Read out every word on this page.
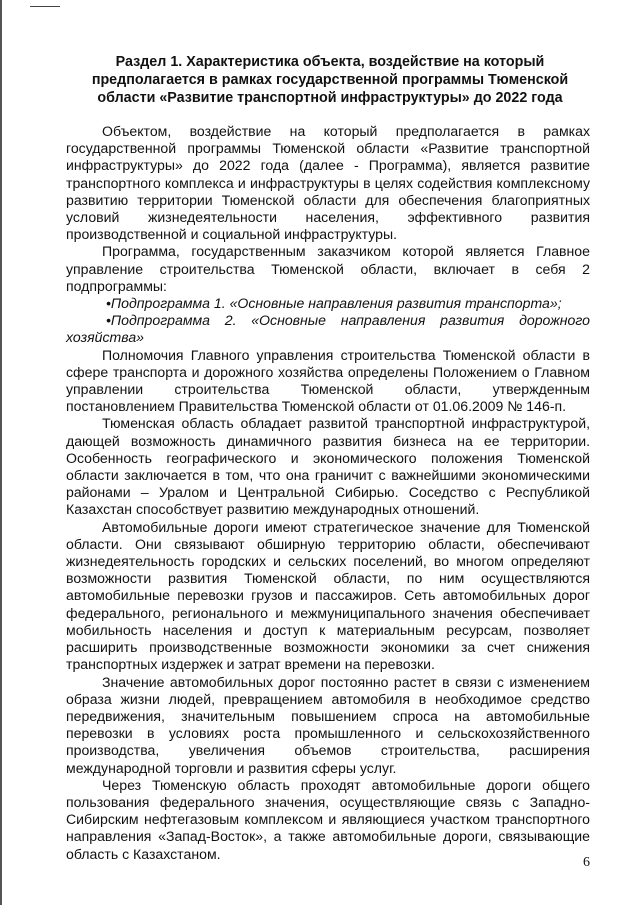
Раздел 1. Характеристика объекта, воздействие на который предполагается в рамках государственной программы Тюменской области «Развитие транспортной инфраструктуры» до 2022 года

Объектом, воздействие на который предполагается в рамках государственной программы Тюменской области «Развитие транспортной инфраструктуры» до 2022 года (далее - Программа), является развитие транспортного комплекса и инфраструктуры в целях содействия комплексному развитию территории Тюменской области для обеспечения благоприятных условий жизнедеятельности населения, эффективного развития производственной и социальной инфраструктуры.

Программа, государственным заказчиком которой является Главное управление строительства Тюменской области, включает в себя 2 подпрограммы:

•Подпрограмма 1. «Основные направления развития транспорта»;

•Подпрограмма 2. «Основные направления развития дорожного хозяйства»

Полномочия Главного управления строительства Тюменской области в сфере транспорта и дорожного хозяйства определены Положением о Главном управлении строительства Тюменской области, утвержденным постановлением Правительства Тюменской области от 01.06.2009 № 146-п.

Тюменская область обладает развитой транспортной инфраструктурой, дающей возможность динамичного развития бизнеса на ее территории. Особенность географического и экономического положения Тюменской области заключается в том, что она граничит с важнейшими экономическими районами – Уралом и Центральной Сибирью. Соседство с Республикой Казахстан способствует развитию международных отношений.

Автомобильные дороги имеют стратегическое значение для Тюменской области. Они связывают обширную территорию области, обеспечивают жизнедеятельность городских и сельских поселений, во многом определяют возможности развития Тюменской области, по ним осуществляются автомобильные перевозки грузов и пассажиров. Сеть автомобильных дорог федерального, регионального и межмуниципального значения обеспечивает мобильность населения и доступ к материальным ресурсам, позволяет расширить производственные возможности экономики за счет снижения транспортных издержек и затрат времени на перевозки.

Значение автомобильных дорог постоянно растет в связи с изменением образа жизни людей, превращением автомобиля в необходимое средство передвижения, значительным повышением спроса на автомобильные перевозки в условиях роста промышленного и сельскохозяйственного производства, увеличения объемов строительства, расширения международной торговли и развития сферы услуг.

Через Тюменскую область проходят автомобильные дороги общего пользования федерального значения, осуществляющие связь с Западно-Сибирским нефтегазовым комплексом и являющиеся участком транспортного направления «Запад-Восток», а также автомобильные дороги, связывающие область с Казахстаном.

6
